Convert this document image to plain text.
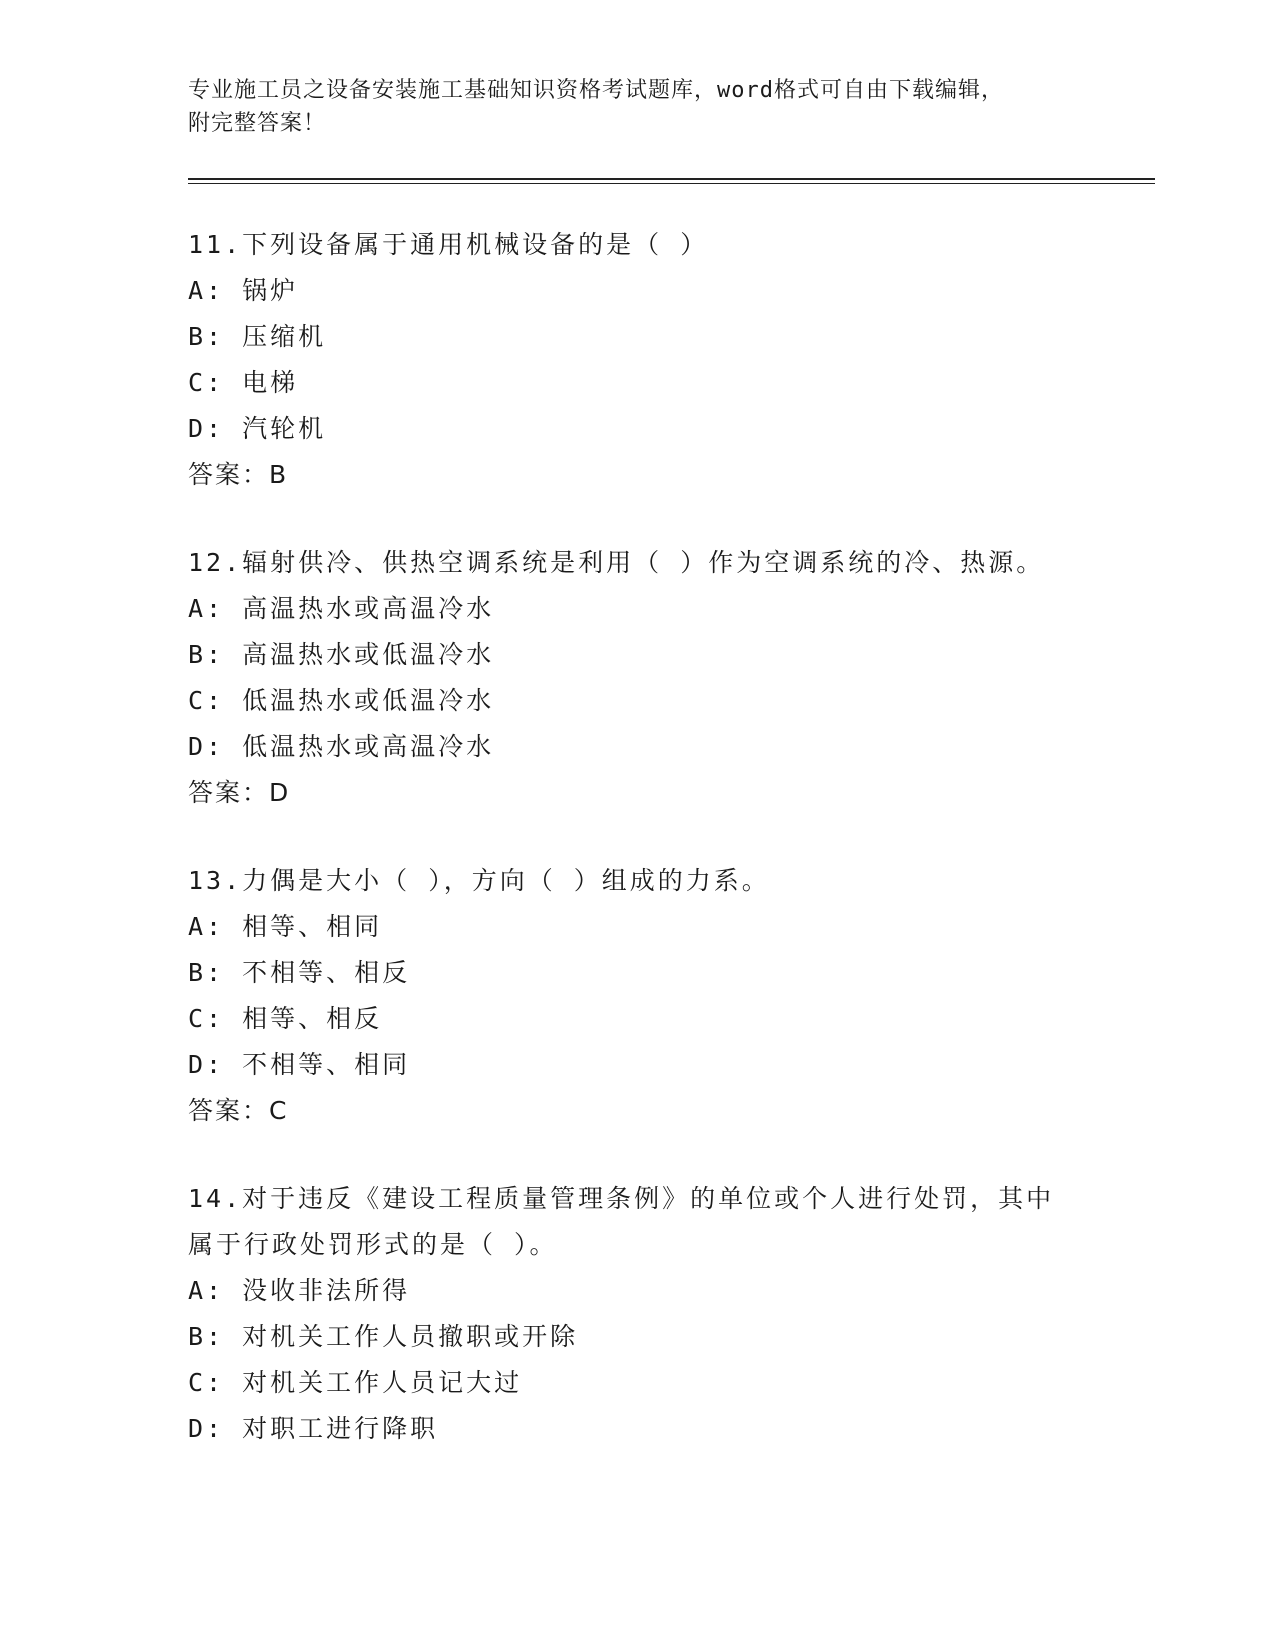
专业施工员之设备安装施工基础知识资格考试题库，word格式可自由下载编辑，
附完整答案！
11.下列设备属于通用机械设备的是（ ）
A: 锅炉
B: 压缩机
C: 电梯
D: 汽轮机
答案：B
12.辐射供冷、供热空调系统是利用（ ）作为空调系统的冷、热源。
A: 高温热水或高温冷水
B: 高温热水或低温冷水
C: 低温热水或低温冷水
D: 低温热水或高温冷水
答案：D
13.力偶是大小（ ），方向（ ）组成的力系。
A: 相等、相同
B: 不相等、相反
C: 相等、相反
D: 不相等、相同
答案：C
14.对于违反《建设工程质量管理条例》的单位或个人进行处罚，其中
属于行政处罚形式的是（ ）。
A: 没收非法所得
B: 对机关工作人员撤职或开除
C: 对机关工作人员记大过
D: 对职工进行降职
